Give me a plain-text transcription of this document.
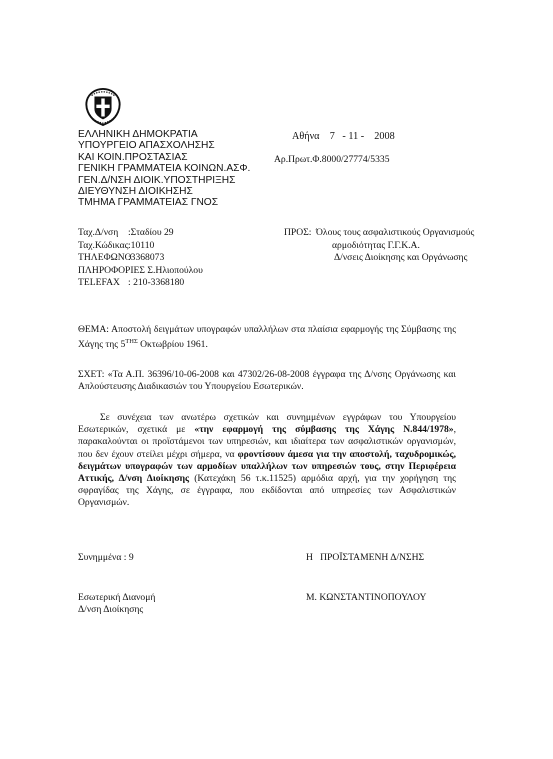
ΕΛΛΗΝΙΚΗ ΔΗΜΟΚΡΑΤΙΑ
ΥΠΟΥΡΓΕΙΟ ΑΠΑΣΧΟΛΗΣΗΣ
ΚΑΙ ΚΟΙΝ.ΠΡΟΣΤΑΣΙΑΣ
ΓΕΝΙΚΗ ΓΡΑΜΜΑΤΕΙΑ ΚΟΙΝΩΝ.ΑΣΦ.
ΓΕΝ.Δ/ΝΣΗ ΔΙΟΙΚ.ΥΠΟΣΤΗΡΙΞΗΣ
ΔΙΕΥΘΥΝΣΗ ΔΙΟΙΚΗΣΗΣ
ΤΜΗΜΑ ΓΡΑΜΜΑΤΕΙΑΣ ΓΝΟΣ
Αθήνα    7   - 11 -    2008
Αρ.Πρωτ.Φ.8000/27774/5335
Ταχ.Δ/νση :Σταδίου 29
Ταχ.Κώδικας:10110
ΤΗΛΕΦΩΝΟ:3368073
ΠΛΗΡΟΦΟΡΙΕΣ Σ.Ηλιοπούλου
TELEFAX : 210-3368180
ΠΡΟΣ: Όλους τους ασφαλιστικούς Οργανισμούς
αρμοδιότητας Γ.Γ.Κ.Α.
Δ/νσεις Διοίκησης και Οργάνωσης
ΘΕΜΑ: Αποστολή δειγμάτων υπογραφών υπαλλήλων στα πλαίσια εφαρμογής της Σύμβασης της Χάγης της $5^{TH\Sigma}$ Οκτωβρίου 1961.
ΣΧΕΤ: «Τα Α.Π. 36396/10-06-2008 και 47302/26-08-2008 έγγραφα της Δ/νσης Οργάνωσης και Απλούστευσης Διαδικασιών του Υπουργείου Εσωτερικών.
Σε συνέχεια των ανωτέρω σχετικών και συνημμένων εγγράφων του Υπουργείου Εσωτερικών, σχετικά με «την εφαρμογή της σύμβασης της Χάγης Ν.844/1978», παρακαλούνται οι προϊστάμενοι των υπηρεσιών, και ιδιαίτερα των ασφαλιστικών οργανισμών, που δεν έχουν στείλει μέχρι σήμερα, να φροντίσουν άμεσα για την αποστολή, ταχυδρομικώς, δειγμάτων υπογραφών των αρμοδίων υπαλλήλων των υπηρεσιών τους, στην Περιφέρεια Αττικής, Δ/νση Διοίκησης (Κατεχάκη 56 τ.κ.11525) αρμόδια αρχή, για την χορήγηση της σφραγίδας της Χάγης, σε έγγραφα, που εκδίδονται από υπηρεσίες των Ασφαλιστικών Οργανισμών.
Συνημμένα : 9	Η   ΠΡΟΪΣΤΑΜΕΝΗ Δ/ΝΣΗΣ
Εσωτερική Διανομή
Δ/νση Διοίκησης
Μ. ΚΩΝΣΤΑΝΤΙΝΟΠΟΥΛΟΥ
